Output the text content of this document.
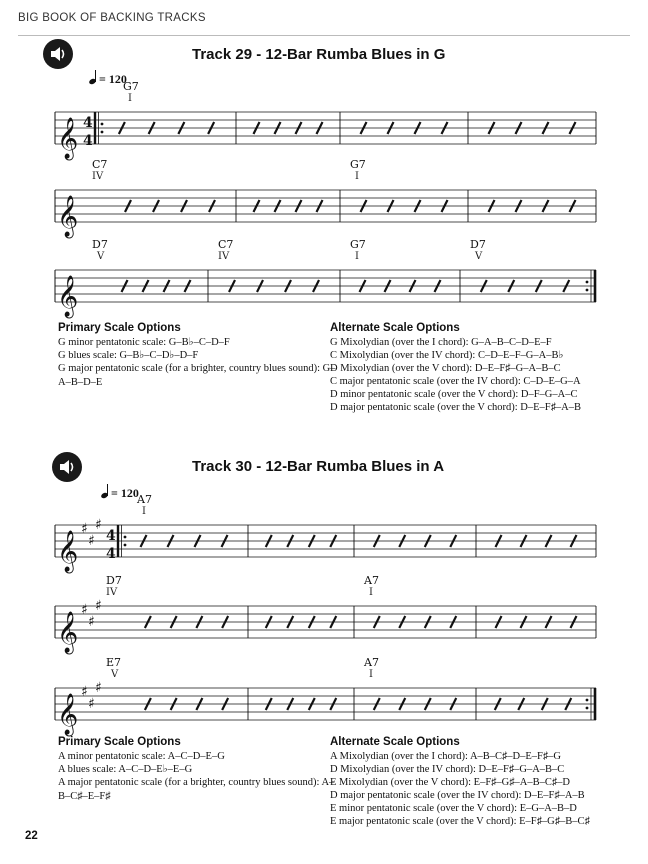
BIG BOOK OF BACKING TRACKS
Track 29 - 12-Bar Rumba Blues in G
= 120
𝄞 4
4
G7
I
𝄞
C7
IV
G7
I
𝄞
D7
V
C7
IV
G7
I
D7
V
𝄞
♯
♯
♯
4
4
A7
I
𝄞
♯
♯
♯
D7
IV
A7
I
𝄞
♯
♯
♯
E7
V
A7
I
Primary Scale Options
G minor pentatonic scale: G–B♭–C–D–F
G blues scale: G–B♭–C–D♭–D–F
G major pentatonic scale (for a brighter, country blues sound): G–A–B–D–E
Alternate Scale Options
G Mixolydian (over the I chord): G–A–B–C–D–E–F
C Mixolydian (over the IV chord): C–D–E–F–G–A–B♭
D Mixolydian (over the V chord): D–E–F♯–G–A–B–C
C major pentatonic scale (over the IV chord): C–D–E–G–A
D minor pentatonic scale (over the V chord): D–F–G–A–C
D major pentatonic scale (over the V chord): D–E–F♯–A–B
Track 30 - 12-Bar Rumba Blues in A
= 120
Primary Scale Options
A minor pentatonic scale: A–C–D–E–G
A blues scale: A–C–D–E♭–E–G
A major pentatonic scale (for a brighter, country blues sound): A–B–C♯–E–F♯
Alternate Scale Options
A Mixolydian (over the I chord): A–B–C♯–D–E–F♯–G
D Mixolydian (over the IV chord): D–E–F♯–G–A–B–C
E Mixolydian (over the V chord): E–F♯–G♯–A–B–C♯–D
D major pentatonic scale (over the IV chord): D–E–F♯–A–B
E minor pentatonic scale (over the V chord): E–G–A–B–D
E major pentatonic scale (over the V chord): E–F♯–G♯–B–C♯
22
